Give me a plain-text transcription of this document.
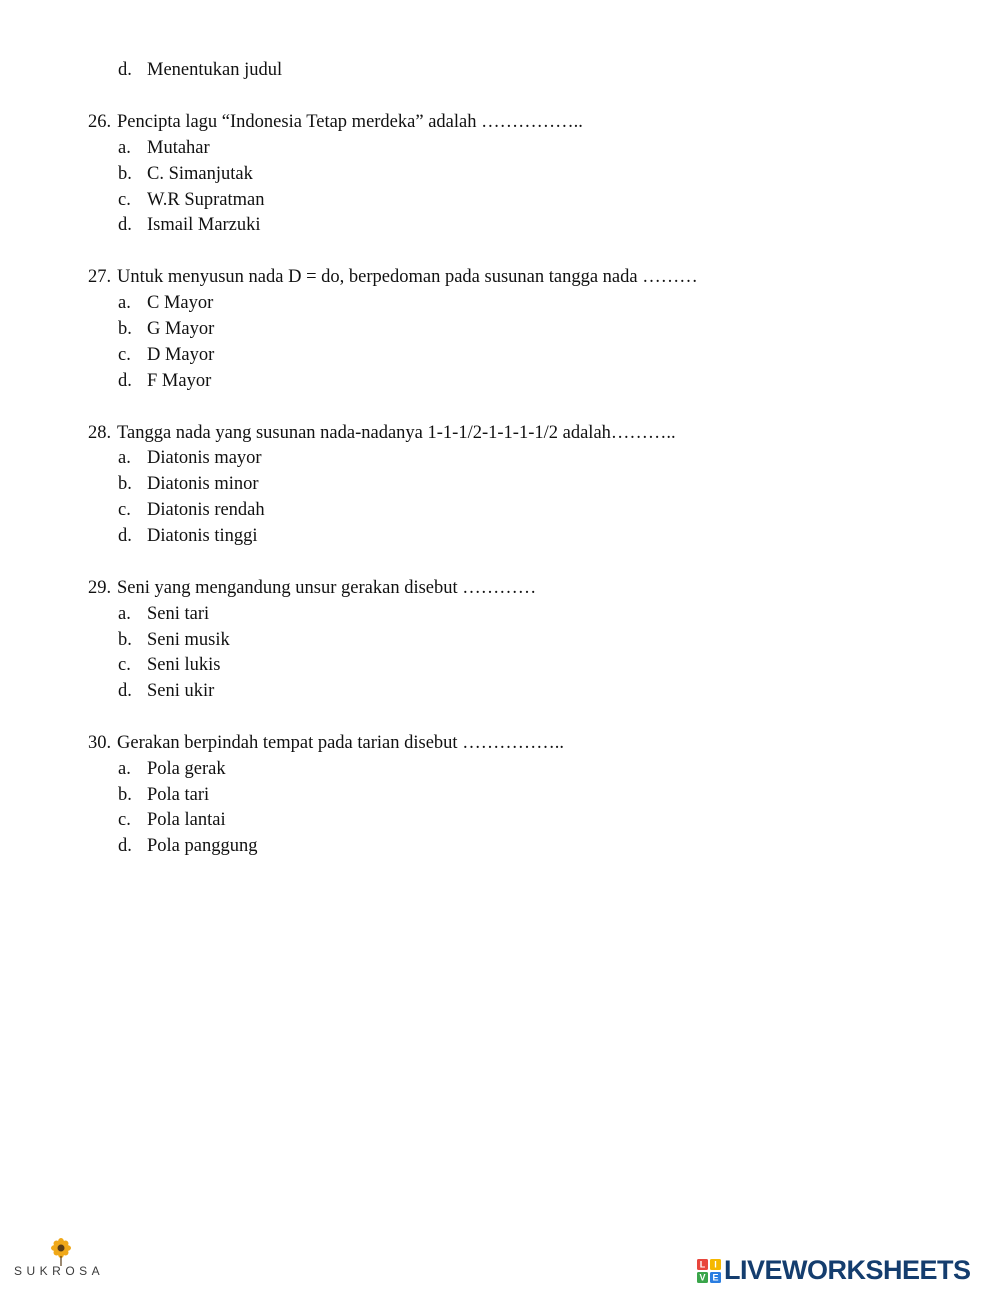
d. Menentukan judul
26. Pencipta lagu “Indonesia Tetap merdeka” adalah ……………..
a. Mutahar
b. C. Simanjutak
c. W.R Supratman
d. Ismail Marzuki
27. Untuk menyusun nada D = do, berpedoman pada susunan tangga nada ………
a. C Mayor
b. G Mayor
c. D Mayor
d. F Mayor
28. Tangga nada yang susunan nada-nadanya 1-1-1/2-1-1-1-1/2 adalah………..
a. Diatonis mayor
b. Diatonis minor
c. Diatonis rendah
d. Diatonis tinggi
29. Seni yang mengandung unsur gerakan disebut …………
a. Seni tari
b. Seni musik
c. Seni lukis
d. Seni ukir
30. Gerakan berpindah tempat pada tarian disebut ……………..
a. Pola gerak
b. Pola tari
c. Pola lantai
d. Pola panggung
SUKROSA	L I
V E LIVEWORKSHEETS
